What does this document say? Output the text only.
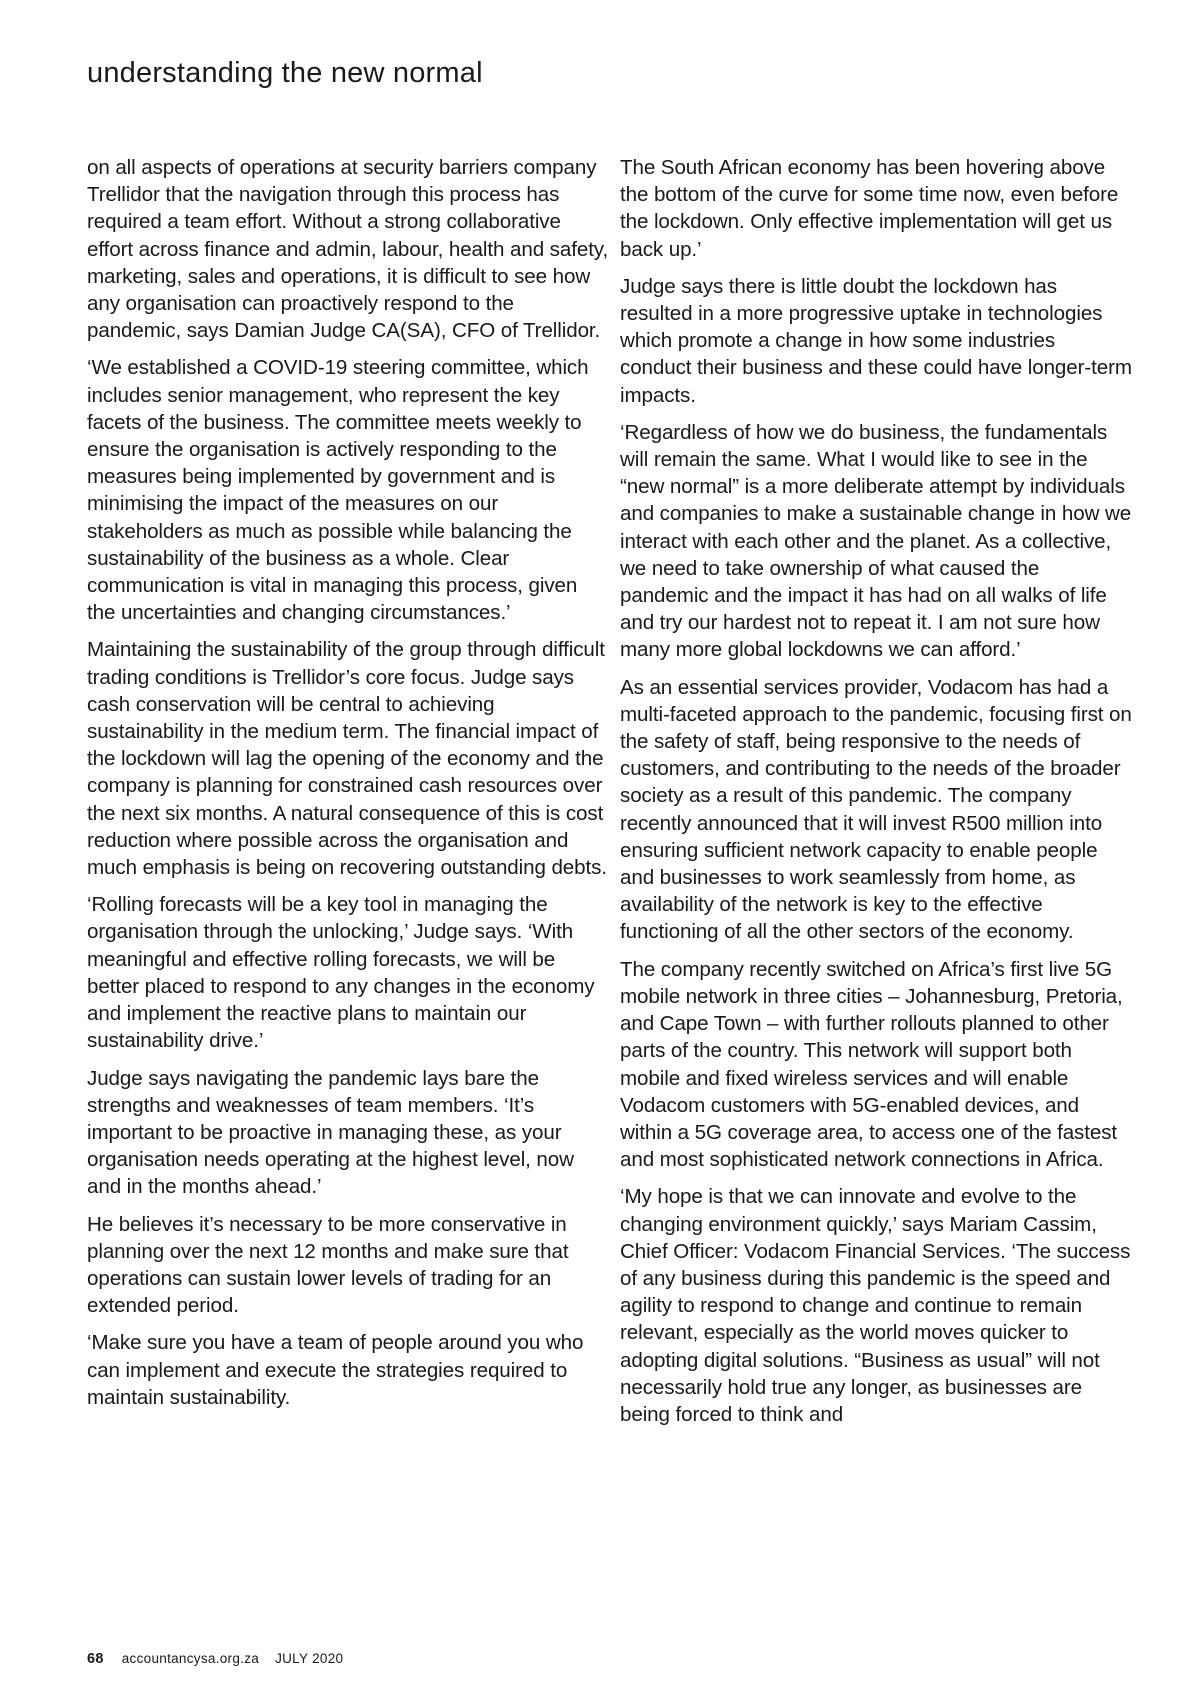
understanding the new normal

on all aspects of operations at security barriers company Trellidor that the navigation through this process has required a team effort. Without a strong collaborative effort across finance and admin, labour, health and safety, marketing, sales and operations, it is difficult to see how any organisation can proactively respond to the pandemic, says Damian Judge CA(SA), CFO of Trellidor.

‘We established a COVID-19 steering committee, which includes senior management, who represent the key facets of the business. The committee meets weekly to ensure the organisation is actively responding to the measures being implemented by government and is minimising the impact of the measures on our stakeholders as much as possible while balancing the sustainability of the business as a whole. Clear communication is vital in managing this process, given the uncertainties and changing circumstances.’

Maintaining the sustainability of the group through difficult trading conditions is Trellidor’s core focus. Judge says cash conservation will be central to achieving sustainability in the medium term. The financial impact of the lockdown will lag the opening of the economy and the company is planning for constrained cash resources over the next six months. A natural consequence of this is cost reduction where possible across the organisation and much emphasis is being on recovering outstanding debts.

‘Rolling forecasts will be a key tool in managing the organisation through the unlocking,’ Judge says. ‘With meaningful and effective rolling forecasts, we will be better placed to respond to any changes in the economy and implement the reactive plans to maintain our sustainability drive.’

Judge says navigating the pandemic lays bare the strengths and weaknesses of team members. ‘It’s important to be proactive in managing these, as your organisation needs operating at the highest level, now and in the months ahead.’

He believes it’s necessary to be more conservative in planning over the next 12 months and make sure that operations can sustain lower levels of trading for an extended period.

‘Make sure you have a team of people around you who can implement and execute the strategies required to maintain sustainability.

The South African economy has been hovering above the bottom of the curve for some time now, even before the lockdown. Only effective implementation will get us back up.’

Judge says there is little doubt the lockdown has resulted in a more progressive uptake in technologies which promote a change in how some industries conduct their business and these could have longer-term impacts.

‘Regardless of how we do business, the fundamentals will remain the same. What I would like to see in the “new normal” is a more deliberate attempt by individuals and companies to make a sustainable change in how we interact with each other and the planet. As a collective, we need to take ownership of what caused the pandemic and the impact it has had on all walks of life and try our hardest not to repeat it. I am not sure how many more global lockdowns we can afford.’

As an essential services provider, Vodacom has had a multi-faceted approach to the pandemic, focusing first on the safety of staff, being responsive to the needs of customers, and contributing to the needs of the broader society as a result of this pandemic. The company recently announced that it will invest R500 million into ensuring sufficient network capacity to enable people and businesses to work seamlessly from home, as availability of the network is key to the effective functioning of all the other sectors of the economy.

The company recently switched on Africa’s first live 5G mobile network in three cities – Johannesburg, Pretoria, and Cape Town – with further rollouts planned to other parts of the country. This network will support both mobile and fixed wireless services and will enable Vodacom customers with 5G-enabled devices, and within a 5G coverage area, to access one of the fastest and most sophisticated network connections in Africa.

‘My hope is that we can innovate and evolve to the changing environment quickly,’ says Mariam Cassim, Chief Officer: Vodacom Financial Services. ‘The success of any business during this pandemic is the speed and agility to respond to change and continue to remain relevant, especially as the world moves quicker to adopting digital solutions. “Business as usual” will not necessarily hold true any longer, as businesses are being forced to think and

68 accountancysa.org.za JULY 2020
